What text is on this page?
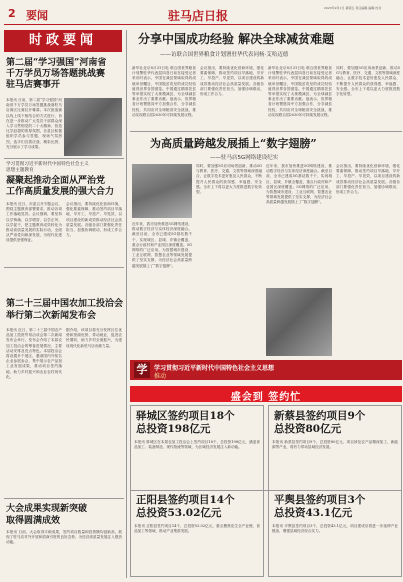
2 要闻	驻马店日报
2023年9月1日 星期五 责任编辑 编辑 校对
时政要闻
第二届“学习强国”河南省
千万学员万场答题挑战赛
驻马店赛事开
本报讯 日前，第二届“学习强国”河南省千万学员万场答题挑战赛驻马店赛区比赛拉开帷幕。本次挑战赛以线上线下相结合的方式进行，旨在进一步推动广大党员干部群众深入学习贯彻党的二十大精神，营造比学赶超的浓厚氛围，各县区积极组织学员参与答题，现场气氛热烈，选手们沉着应战、精彩比拼，充分展示了学习成果。
学习贯彻习近平新时代中国特色社会主义
思想主题教育
凝聚起推动全面从严治党
工作高质量发展的强大合力
本报讯 近日，市委召开专题会议，围绕主题教育部署要求，推动各项工作落地见效。会议强调，要坚持以学铸魂、以学增智、以学正风、以学促干，把主题教育成效转化为推动高质量发展的实际行动，全面从严治党向纵深发展，为现代化建设提供坚强保证。
会议指出，要持续优化营商环境，强化要素保障，推动签约项目早落地、早开工、早投产、早见效，以项目建设的新成效推动经济社会高质量发展。各级各部门要强化责任担当，加强协调联动，形成工作合力。
第二十三届中国农加工投洽会
举行第二次新闻发布会
本报讯 近日，第二十三届中国农产品加工投资贸易洽谈会第二次新闻发布会举行。发布会介绍了本届农加工投洽会的筹备进展情况、主要活动安排及亮点特色。本届投洽会将设置多个展区，邀请国内外知名企业参展参会，集中展示农产品加工业发展成果，推动项目签约落地，助力乡村振兴和农业农村现代化。
据介绍，该项目将充分发挥区位优势和资源优势，带动就业，促进农民增收，助力乡村全面振兴，为建设现代化新驻马店贡献力量。
大会成果实现新突破
取得圆满成效
本报讯 日前，大会取得丰硕成果，签约项目数量和投资额均创新高，展现了驻马店对外开放和招商引资的良好态势，为经济高质量发展注入强劲动能。
分享中国成功经验 解决全球减贫难题
——访联合国世界粮食计划署驻华代表同杨·艾哈迈德
新华社北京8月31日电 联合国世界粮食计划署驻华代表屈四喜日前在接受记者采访时表示，中国在减贫领域取得的成就举世瞩目，中国脱贫攻坚的成功经验值得世界各国借鉴。中国通过精准扶贫等举措实现了大规模减贫，为全球减贫事业作出了重要贡献。他表示，世界粮食计划署愿同中方加强合作，分享减贫经验，共同应对全球粮食安全挑战，推动实现联合国2030年可持续发展议程。
会议指出，要持续优化营商环境，强化要素保障，推动签约项目早落地、早开工、早投产、早见效，以项目建设的新成效推动经济社会高质量发展。各级各部门要强化责任担当，加强协调联动，形成工作合力。
新华社北京8月31日电 联合国世界粮食计划署驻华代表屈四喜日前在接受记者采访时表示，中国在减贫领域取得的成就举世瞩目，中国脱贫攻坚的成功经验值得世界各国借鉴。中国通过精准扶贫等举措实现了大规模减贫，为全球减贫事业作出了重要贡献。他表示，世界粮食计划署愿同中方加强合作，分享减贫经验，共同应对全球粮食安全挑战，推动实现联合国2030年可持续发展议程。
同时，要加强5G应用场景创新，推动5G与教育、医疗、交通、文旅等领域深度融合，让数字技术更好惠及人民群众，不断提升人民群众的获得感、幸福感、安全感。全市上下将以更大力度推进数字化转型。
为高质量跨越发展插上“数字翅膀”
——驻马店5G网络建设纪实
近年来，我市加快推进5G网络建设，推动数字经济与实体经济深度融合。截至目前，全市已建成5G基站数千个，实现城区、县城、乡镇全覆盖，重点行政村和产业园区深度覆盖。5G网络的广泛应用，为智慧城市建设、工业互联网、智慧农业等领域发展提供了坚实支撑，为经济社会高质量跨越发展插上了“数字翅膀”。
同时，要加强5G应用场景创新，推动5G与教育、医疗、交通、文旅等领域深度融合，让数字技术更好惠及人民群众，不断提升人民群众的获得感、幸福感、安全感。全市上下将以更大力度推进数字化转型。
近年来，我市加快推进5G网络建设，推动数字经济与实体经济深度融合。截至目前，全市已建成5G基站数千个，实现城区、县城、乡镇全覆盖，重点行政村和产业园区深度覆盖。5G网络的广泛应用，为智慧城市建设、工业互联网、智慧农业等领域发展提供了坚实支撑，为经济社会高质量跨越发展插上了“数字翅膀”。
会议指出，要持续优化营商环境，强化要素保障，推动签约项目早落地、早开工、早投产、早见效，以项目建设的新成效推动经济社会高质量发展。各级各部门要强化责任担当，加强协调联动，形成工作合力。
学	学习贯彻习近平新时代中国特色社会主义思想
推动
盛会到 签约忙
驿城区签约项目18个
总投资198亿元
本报讯 驿城区在本届农加工投洽会上签约项目18个，总投资198亿元，涵盖食品加工、装备制造、现代物流等领域，为区域经济发展注入新动能。
新蔡县签约项目9个
总投资80亿元
本报讯 新蔡县签约项目9个，总投资80亿元，项目涉及农产品精深加工、新能源等产业，将有力带动县域经济发展。
正阳县签约项目14个
总投资53.02亿元
本报讯 正阳县签约项目14个，总投资53.02亿元，重点聚焦花生全产业链、食品加工等领域，推动产业集群发展。
平舆县签约项目3个
总投资43.1亿元
本报讯 平舆县签约项目3个，总投资43.1亿元，项目建成后将进一步延伸产业链条，增强县域经济综合实力。
